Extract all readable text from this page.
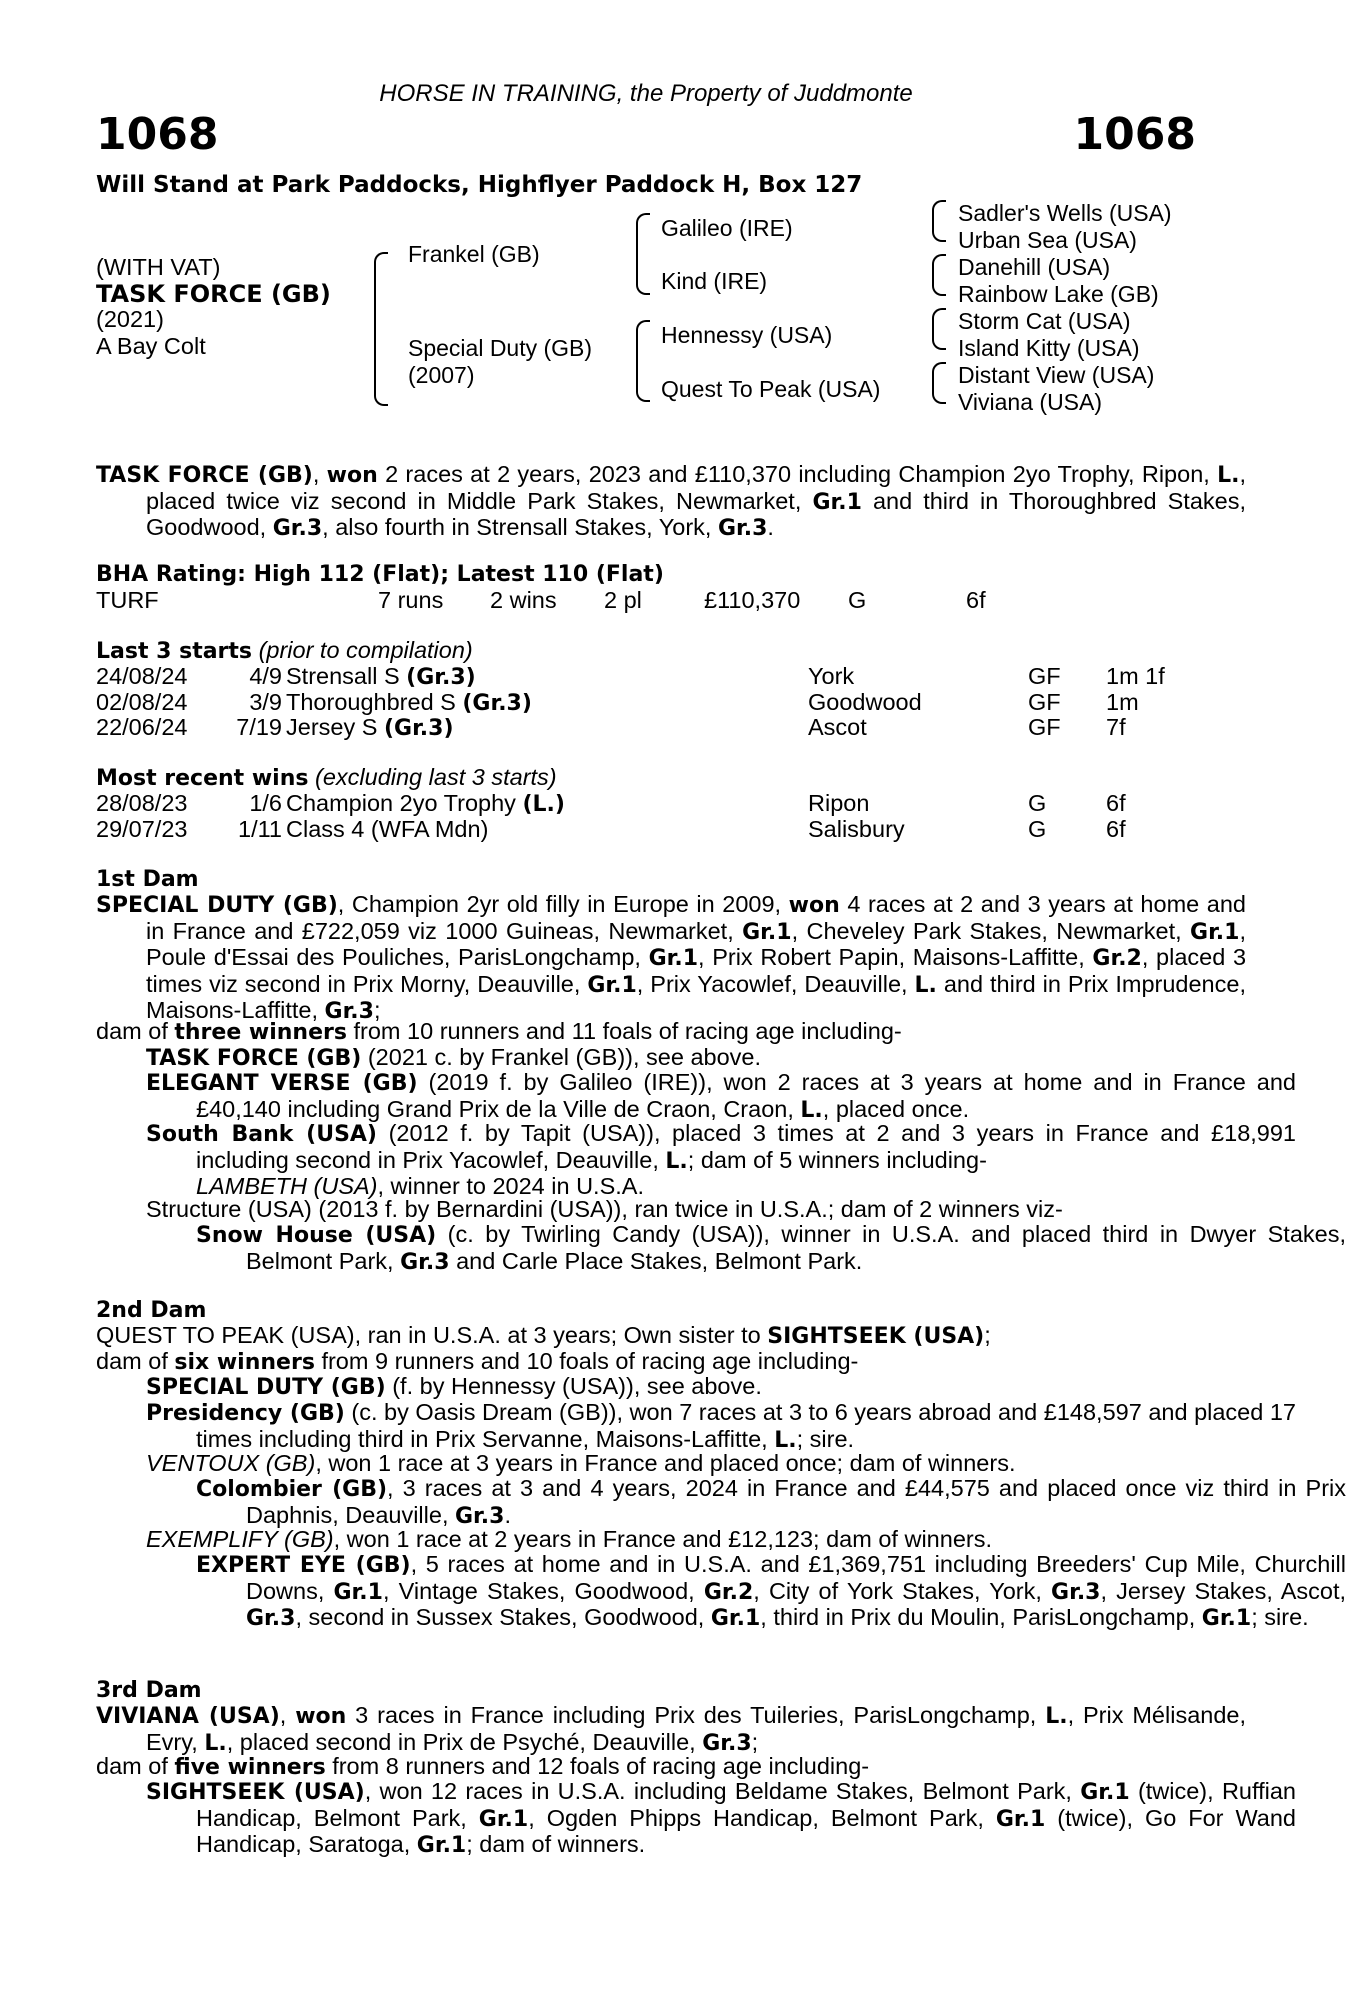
HORSE IN TRAINING, the Property of Juddmonte
1068	1068
Will Stand at Park Paddocks, Highflyer Paddock H, Box 127
(WITH VAT)
TASK FORCE (GB)
(2021)
A Bay Colt
Frankel (GB)
Special Duty (GB)
(2007)
Galileo (IRE)
Kind (IRE)
Hennessy (USA)
Quest To Peak (USA)
Sadler's Wells (USA)
Urban Sea (USA)
Danehill (USA)
Rainbow Lake (GB)
Storm Cat (USA)
Island Kitty (USA)
Distant View (USA)
Viviana (USA)
TASK FORCE (GB), won 2 races at 2 years, 2023 and £110,370 including Champion 2yo Trophy, Ripon, L., placed twice viz second in Middle Park Stakes, Newmarket, Gr.1 and third in Thoroughbred Stakes, Goodwood, Gr.3, also fourth in Strensall Stakes, York, Gr.3.
BHA Rating: High 112 (Flat); Latest 110 (Flat)
TURF	7 runs 2 wins 2 pl	£110,370 G	6f
Last 3 starts (prior to compilation)
24/08/24	4/9 Strensall S (Gr.3)	York	GF 1m 1f
02/08/24	3/9 Thoroughbred S (Gr.3)	Goodwood	GF 1m
22/06/24 7/19 Jersey S (Gr.3)	Ascot	GF 7f
Most recent wins (excluding last 3 starts)
28/08/23	1/6 Champion 2yo Trophy (L.)	Ripon	G	6f
29/07/23 1/11 Class 4 (WFA Mdn)	Salisbury	G	6f
1st Dam
SPECIAL DUTY (GB), Champion 2yr old filly in Europe in 2009, won 4 races at 2 and 3 years at home and in France and £722,059 viz 1000 Guineas, Newmarket, Gr.1, Cheveley Park Stakes, Newmarket, Gr.1, Poule d'Essai des Pouliches, ParisLongchamp, Gr.1, Prix Robert Papin, Maisons-Laffitte, Gr.2, placed 3 times viz second in Prix Morny, Deauville, Gr.1, Prix Yacowlef, Deauville, L. and third in Prix Imprudence, Maisons-Laffitte, Gr.3;
dam of three winners from 10 runners and 11 foals of racing age including-
TASK FORCE (GB) (2021 c. by Frankel (GB)), see above.
ELEGANT VERSE (GB) (2019 f. by Galileo (IRE)), won 2 races at 3 years at home and in France and £40,140 including Grand Prix de la Ville de Craon, Craon, L., placed once.
South Bank (USA) (2012 f. by Tapit (USA)), placed 3 times at 2 and 3 years in France and £18,991 including second in Prix Yacowlef, Deauville, L.; dam of 5 winners including-
LAMBETH (USA), winner to 2024 in U.S.A.
Structure (USA) (2013 f. by Bernardini (USA)), ran twice in U.S.A.; dam of 2 winners viz-
Snow House (USA) (c. by Twirling Candy (USA)), winner in U.S.A. and placed third in Dwyer Stakes, Belmont Park, Gr.3 and Carle Place Stakes, Belmont Park.
2nd Dam
QUEST TO PEAK (USA), ran in U.S.A. at 3 years; Own sister to SIGHTSEEK (USA);
dam of six winners from 9 runners and 10 foals of racing age including-
SPECIAL DUTY (GB) (f. by Hennessy (USA)), see above.
Presidency (GB) (c. by Oasis Dream (GB)), won 7 races at 3 to 6 years abroad and £148,597 and placed 17 times including third in Prix Servanne, Maisons-Laffitte, L.; sire.
VENTOUX (GB), won 1 race at 3 years in France and placed once; dam of winners.
Colombier (GB), 3 races at 3 and 4 years, 2024 in France and £44,575 and placed once viz third in Prix Daphnis, Deauville, Gr.3.
EXEMPLIFY (GB), won 1 race at 2 years in France and £12,123; dam of winners.
EXPERT EYE (GB), 5 races at home and in U.S.A. and £1,369,751 including Breeders' Cup Mile, Churchill Downs, Gr.1, Vintage Stakes, Goodwood, Gr.2, City of York Stakes, York, Gr.3, Jersey Stakes, Ascot, Gr.3, second in Sussex Stakes, Goodwood, Gr.1, third in Prix du Moulin, ParisLongchamp, Gr.1; sire.
3rd Dam
VIVIANA (USA), won 3 races in France including Prix des Tuileries, ParisLongchamp, L., Prix Mélisande, Evry, L., placed second in Prix de Psyché, Deauville, Gr.3;
dam of five winners from 8 runners and 12 foals of racing age including-
SIGHTSEEK (USA), won 12 races in U.S.A. including Beldame Stakes, Belmont Park, Gr.1 (twice), Ruffian Handicap, Belmont Park, Gr.1, Ogden Phipps Handicap, Belmont Park, Gr.1 (twice), Go For Wand Handicap, Saratoga, Gr.1; dam of winners.
